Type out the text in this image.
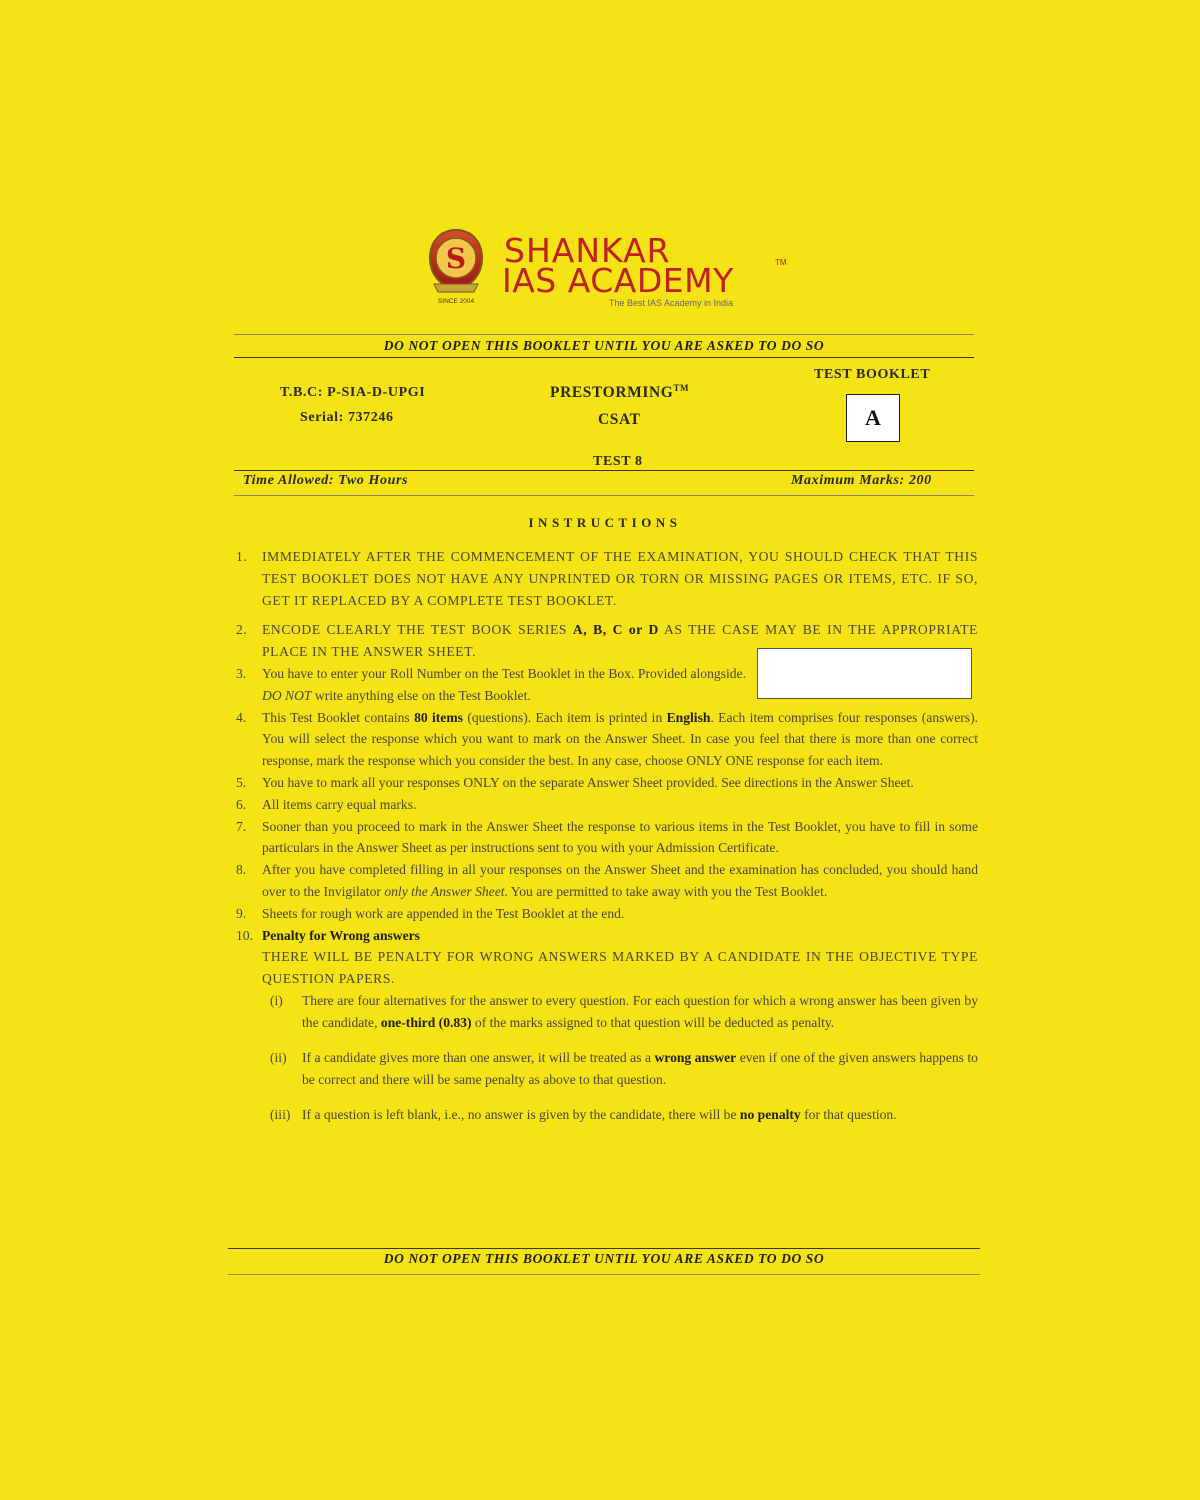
S
SINCE 2004
SHANKAR
IAS ACADEMY	TM
The Best IAS Academy in India
DO NOT OPEN THIS BOOKLET UNTIL YOU ARE ASKED TO DO SO
T.B.C: P-SIA-D-UPGI
Serial: 737246
PRESTORMING™
CSAT
TEST 8
TEST BOOKLET
A
Time Allowed: Two Hours	Maximum Marks: 200
INSTRUCTIONS

1. IMMEDIATELY AFTER THE COMMENCEMENT OF THE EXAMINATION, YOU SHOULD CHECK THAT THIS TEST BOOKLET DOES NOT HAVE ANY UNPRINTED OR TORN OR MISSING PAGES OR ITEMS, ETC. IF SO, GET IT REPLACED BY A COMPLETE TEST BOOKLET.

2. ENCODE CLEARLY THE TEST BOOK SERIES A, B, C or D AS THE CASE MAY BE IN THE APPROPRIATE PLACE IN THE ANSWER SHEET.

3. You have to enter your Roll Number on the Test Booklet in the Box. Provided alongside. DO NOT write anything else on the Test Booklet.

4. This Test Booklet contains 80 items (questions). Each item is printed in English. Each item comprises four responses (answers). You will select the response which you want to mark on the Answer Sheet. In case you feel that there is more than one correct response, mark the response which you consider the best. In any case, choose ONLY ONE response for each item.

5. You have to mark all your responses ONLY on the separate Answer Sheet provided. See directions in the Answer Sheet.

6. All items carry equal marks.

7. Sooner than you proceed to mark in the Answer Sheet the response to various items in the Test Booklet, you have to fill in some particulars in the Answer Sheet as per instructions sent to you with your Admission Certificate.

8. After you have completed filling in all your responses on the Answer Sheet and the examination has concluded, you should hand over to the Invigilator only the Answer Sheet. You are permitted to take away with you the Test Booklet.

9. Sheets for rough work are appended in the Test Booklet at the end.

10. Penalty for Wrong answers

THERE WILL BE PENALTY FOR WRONG ANSWERS MARKED BY A CANDIDATE IN THE OBJECTIVE TYPE QUESTION PAPERS.

(i) There are four alternatives for the answer to every question. For each question for which a wrong answer has been given by the candidate, one-third (0.83) of the marks assigned to that question will be deducted as penalty.

(ii) If a candidate gives more than one answer, it will be treated as a wrong answer even if one of the given answers happens to be correct and there will be same penalty as above to that question.

(iii) If a question is left blank, i.e., no answer is given by the candidate, there will be no penalty for that question.

DO NOT OPEN THIS BOOKLET UNTIL YOU ARE ASKED TO DO SO
